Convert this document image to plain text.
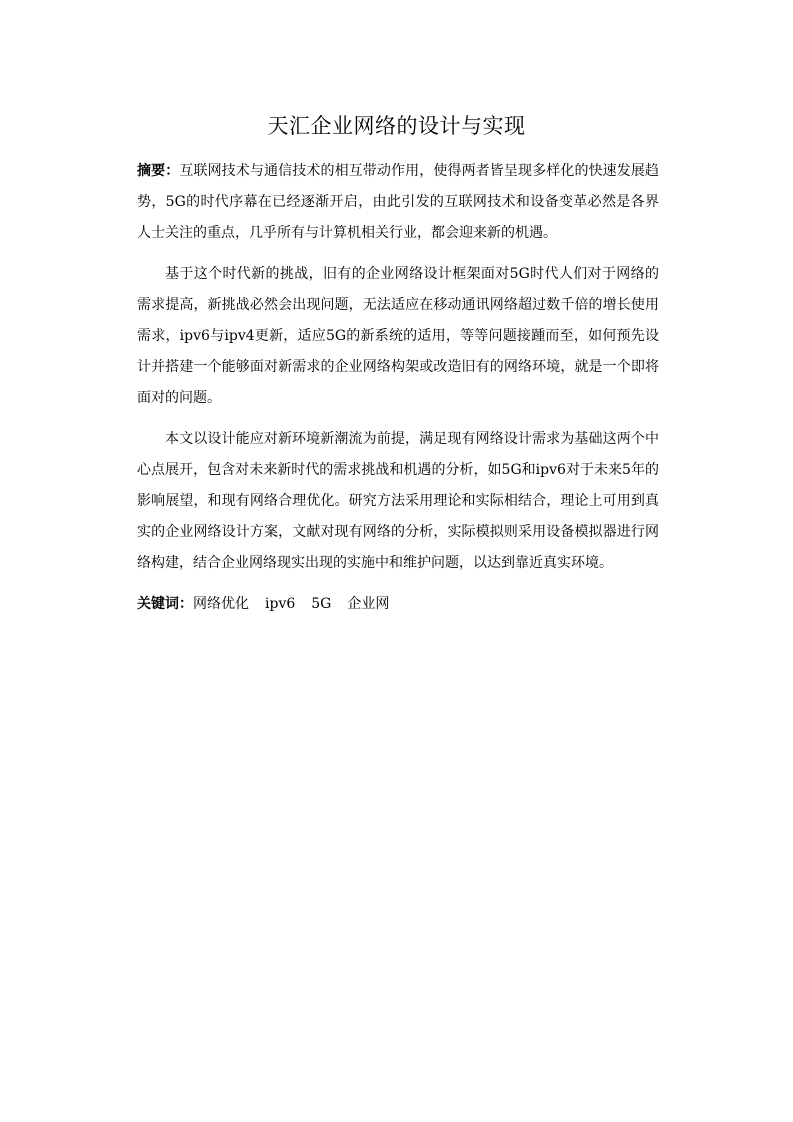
天汇企业网络的设计与实现

摘要：互联网技术与通信技术的相互带动作用，使得两者皆呈现多样化的快速发展趋势，5G的时代序幕在已经逐渐开启，由此引发的互联网技术和设备变革必然是各界人士关注的重点，几乎所有与计算机相关行业，都会迎来新的机遇。

基于这个时代新的挑战，旧有的企业网络设计框架面对5G时代人们对于网络的需求提高，新挑战必然会出现问题，无法适应在移动通讯网络超过数千倍的增长使用需求，ipv6与ipv4更新，适应5G的新系统的适用，等等问题接踵而至，如何预先设计并搭建一个能够面对新需求的企业网络构架或改造旧有的网络环境，就是一个即将面对的问题。

本文以设计能应对新环境新潮流为前提，满足现有网络设计需求为基础这两个中心点展开，包含对未来新时代的需求挑战和机遇的分析，如5G和ipv6对于未来5年的影响展望，和现有网络合理优化。研究方法采用理论和实际相结合，理论上可用到真实的企业网络设计方案，文献对现有网络的分析，实际模拟则采用设备模拟器进行网络构建，结合企业网络现实出现的实施中和维护问题，以达到靠近真实环境。

关键词：网络优化 ipv6 5G 企业网
